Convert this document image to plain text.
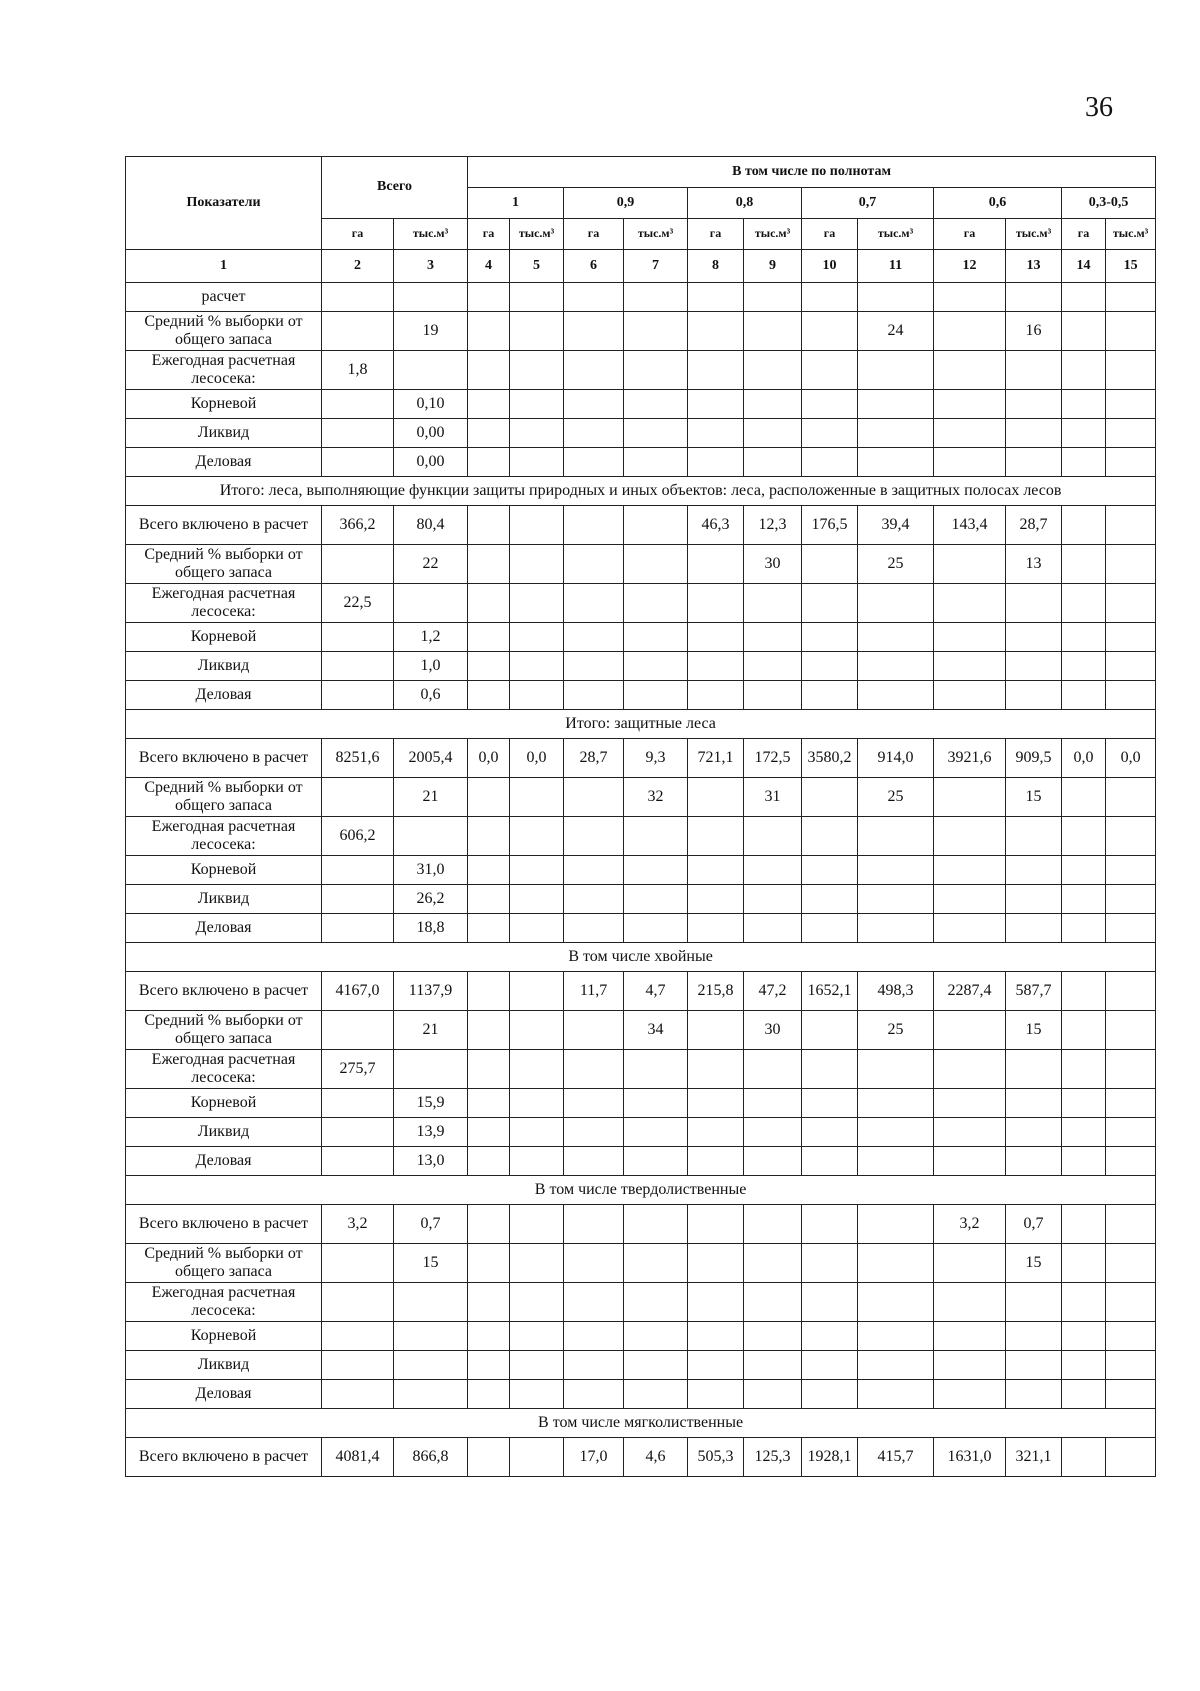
36
Показатели	Всего		В том числе по полнотам											
			1		0,9		0,8		0,7		0,6		0,3-0,5	
	га	тыс.м³	га	тыс.м³	га	тыс.м³	га	тыс.м³	га	тыс.м³	га	тыс.м³	га	тыс.м³
1	2	3	4	5	6	7	8	9	10	11	12	13	14	15
расчет														
Средний % выборки от общего запаса		19								24		16		
Ежегодная расчетная лесосека:	1,8													
Корневой		0,10												
Ликвид		0,00												
Деловая		0,00												
Итого: леса, выполняющие функции защиты природных и иных объектов: леса, расположенные в защитных полосах лесов														
Всего включено в расчет	366,2	80,4					46,3	12,3	176,5	39,4	143,4	28,7		
Средний % выборки от общего запаса		22						30		25		13		
Ежегодная расчетная лесосека:	22,5													
Корневой		1,2												
Ликвид		1,0												
Деловая		0,6												
Итого: защитные леса														
Всего включено в расчет	8251,6	2005,4	0,0	0,0	28,7	9,3	721,1	172,5	3580,2	914,0	3921,6	909,5	0,0	0,0
Средний % выборки от общего запаса		21				32		31		25		15		
Ежегодная расчетная лесосека:	606,2													
Корневой		31,0												
Ликвид		26,2												
Деловая		18,8												
В том числе хвойные														
Всего включено в расчет	4167,0	1137,9			11,7	4,7	215,8	47,2	1652,1	498,3	2287,4	587,7		
Средний % выборки от общего запаса		21				34		30		25		15		
Ежегодная расчетная лесосека:	275,7													
Корневой		15,9												
Ликвид		13,9												
Деловая		13,0												
В том числе твердолиственные														
Всего включено в расчет	3,2	0,7									3,2	0,7		
Средний % выборки от общего запаса		15										15		
Ежегодная расчетная лесосека:														
Корневой														
Ликвид														
Деловая														
В том числе мягколиственные														
Всего включено в расчет	4081,4	866,8			17,0	4,6	505,3	125,3	1928,1	415,7	1631,0	321,1		
